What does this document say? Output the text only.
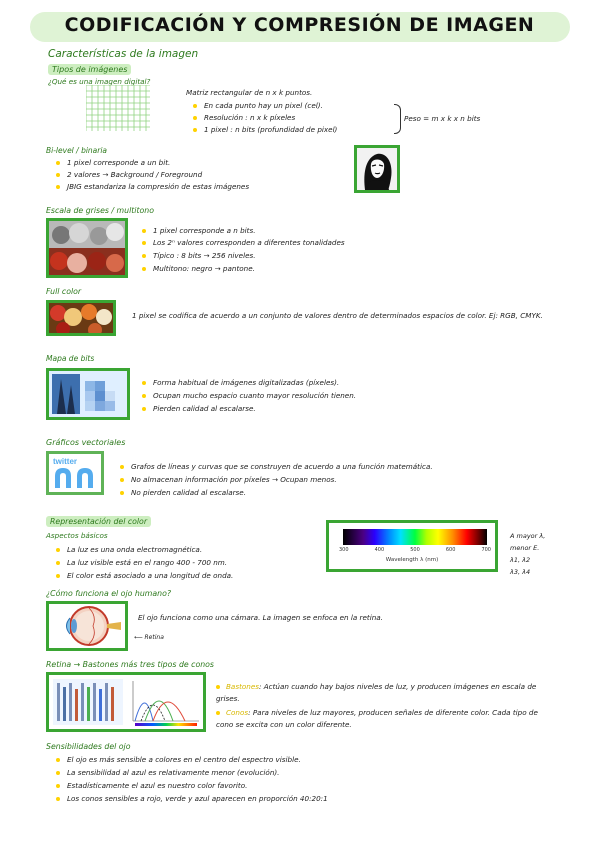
CODIFICACIÓN Y COMPRESIÓN DE IMAGEN
Características de la imagen
Tipos de imágenes
¿Qué es una imagen digital?
Matriz rectangular de n x k puntos.
En cada punto hay un pixel (cel).
Resolución : n x k píxeles
1 pixel : n bits (profundidad de pixel)
Peso = m x k x n bits
Bi-level / binaria
1 pixel corresponde a un bit.
2 valores → Background / Foreground
JBIG estandariza la compresión de estas imágenes
Escala de grises / multitono
1 pixel corresponde a n bits.
Los 2ⁿ valores corresponden a diferentes tonalidades
Típico : 8 bits → 256 niveles.
Multitono: negro → pantone.
Full color
1 pixel se codifica de acuerdo a un conjunto de valores dentro de determinados espacios de color. Ej: RGB, CMYK.
Mapa de bits
Forma habitual de imágenes digitalizadas (píxeles).
Ocupan mucho espacio cuanto mayor resolución tienen.
Pierden calidad al escalarse.
Gráficos vectoriales
twitter
Grafos de líneas y curvas que se construyen de acuerdo a una función matemática.
No almacenan información por píxeles → Ocupan menos.
No pierden calidad al escalarse.
Representación del color
Aspectos básicos
La luz es una onda electromagnética.
La luz visible está en el rango 400 - 700 nm.
El color está asociado a una longitud de onda.
300	400	500	600	700
Wavelength λ (nm)
A mayor λ,
menor E.
λ1, λ2
λ3, λ4
¿Cómo funciona el ojo humano?
El ojo funciona como una cámara. La imagen se enfoca en la retina.
⟵ Retina
Retina → Bastones más tres tipos de conos
Bastones: Actúan cuando hay bajos niveles de luz, y producen imágenes en escala de grises.
Conos: Para niveles de luz mayores, producen señales de diferente color. Cada tipo de cono se excita con un color diferente.
Sensibilidades del ojo
El ojo es más sensible a colores en el centro del espectro visible.
La sensibilidad al azul es relativamente menor (evolución).
Estadísticamente el azul es nuestro color favorito.
Los conos sensibles a rojo, verde y azul aparecen en proporción 40:20:1
